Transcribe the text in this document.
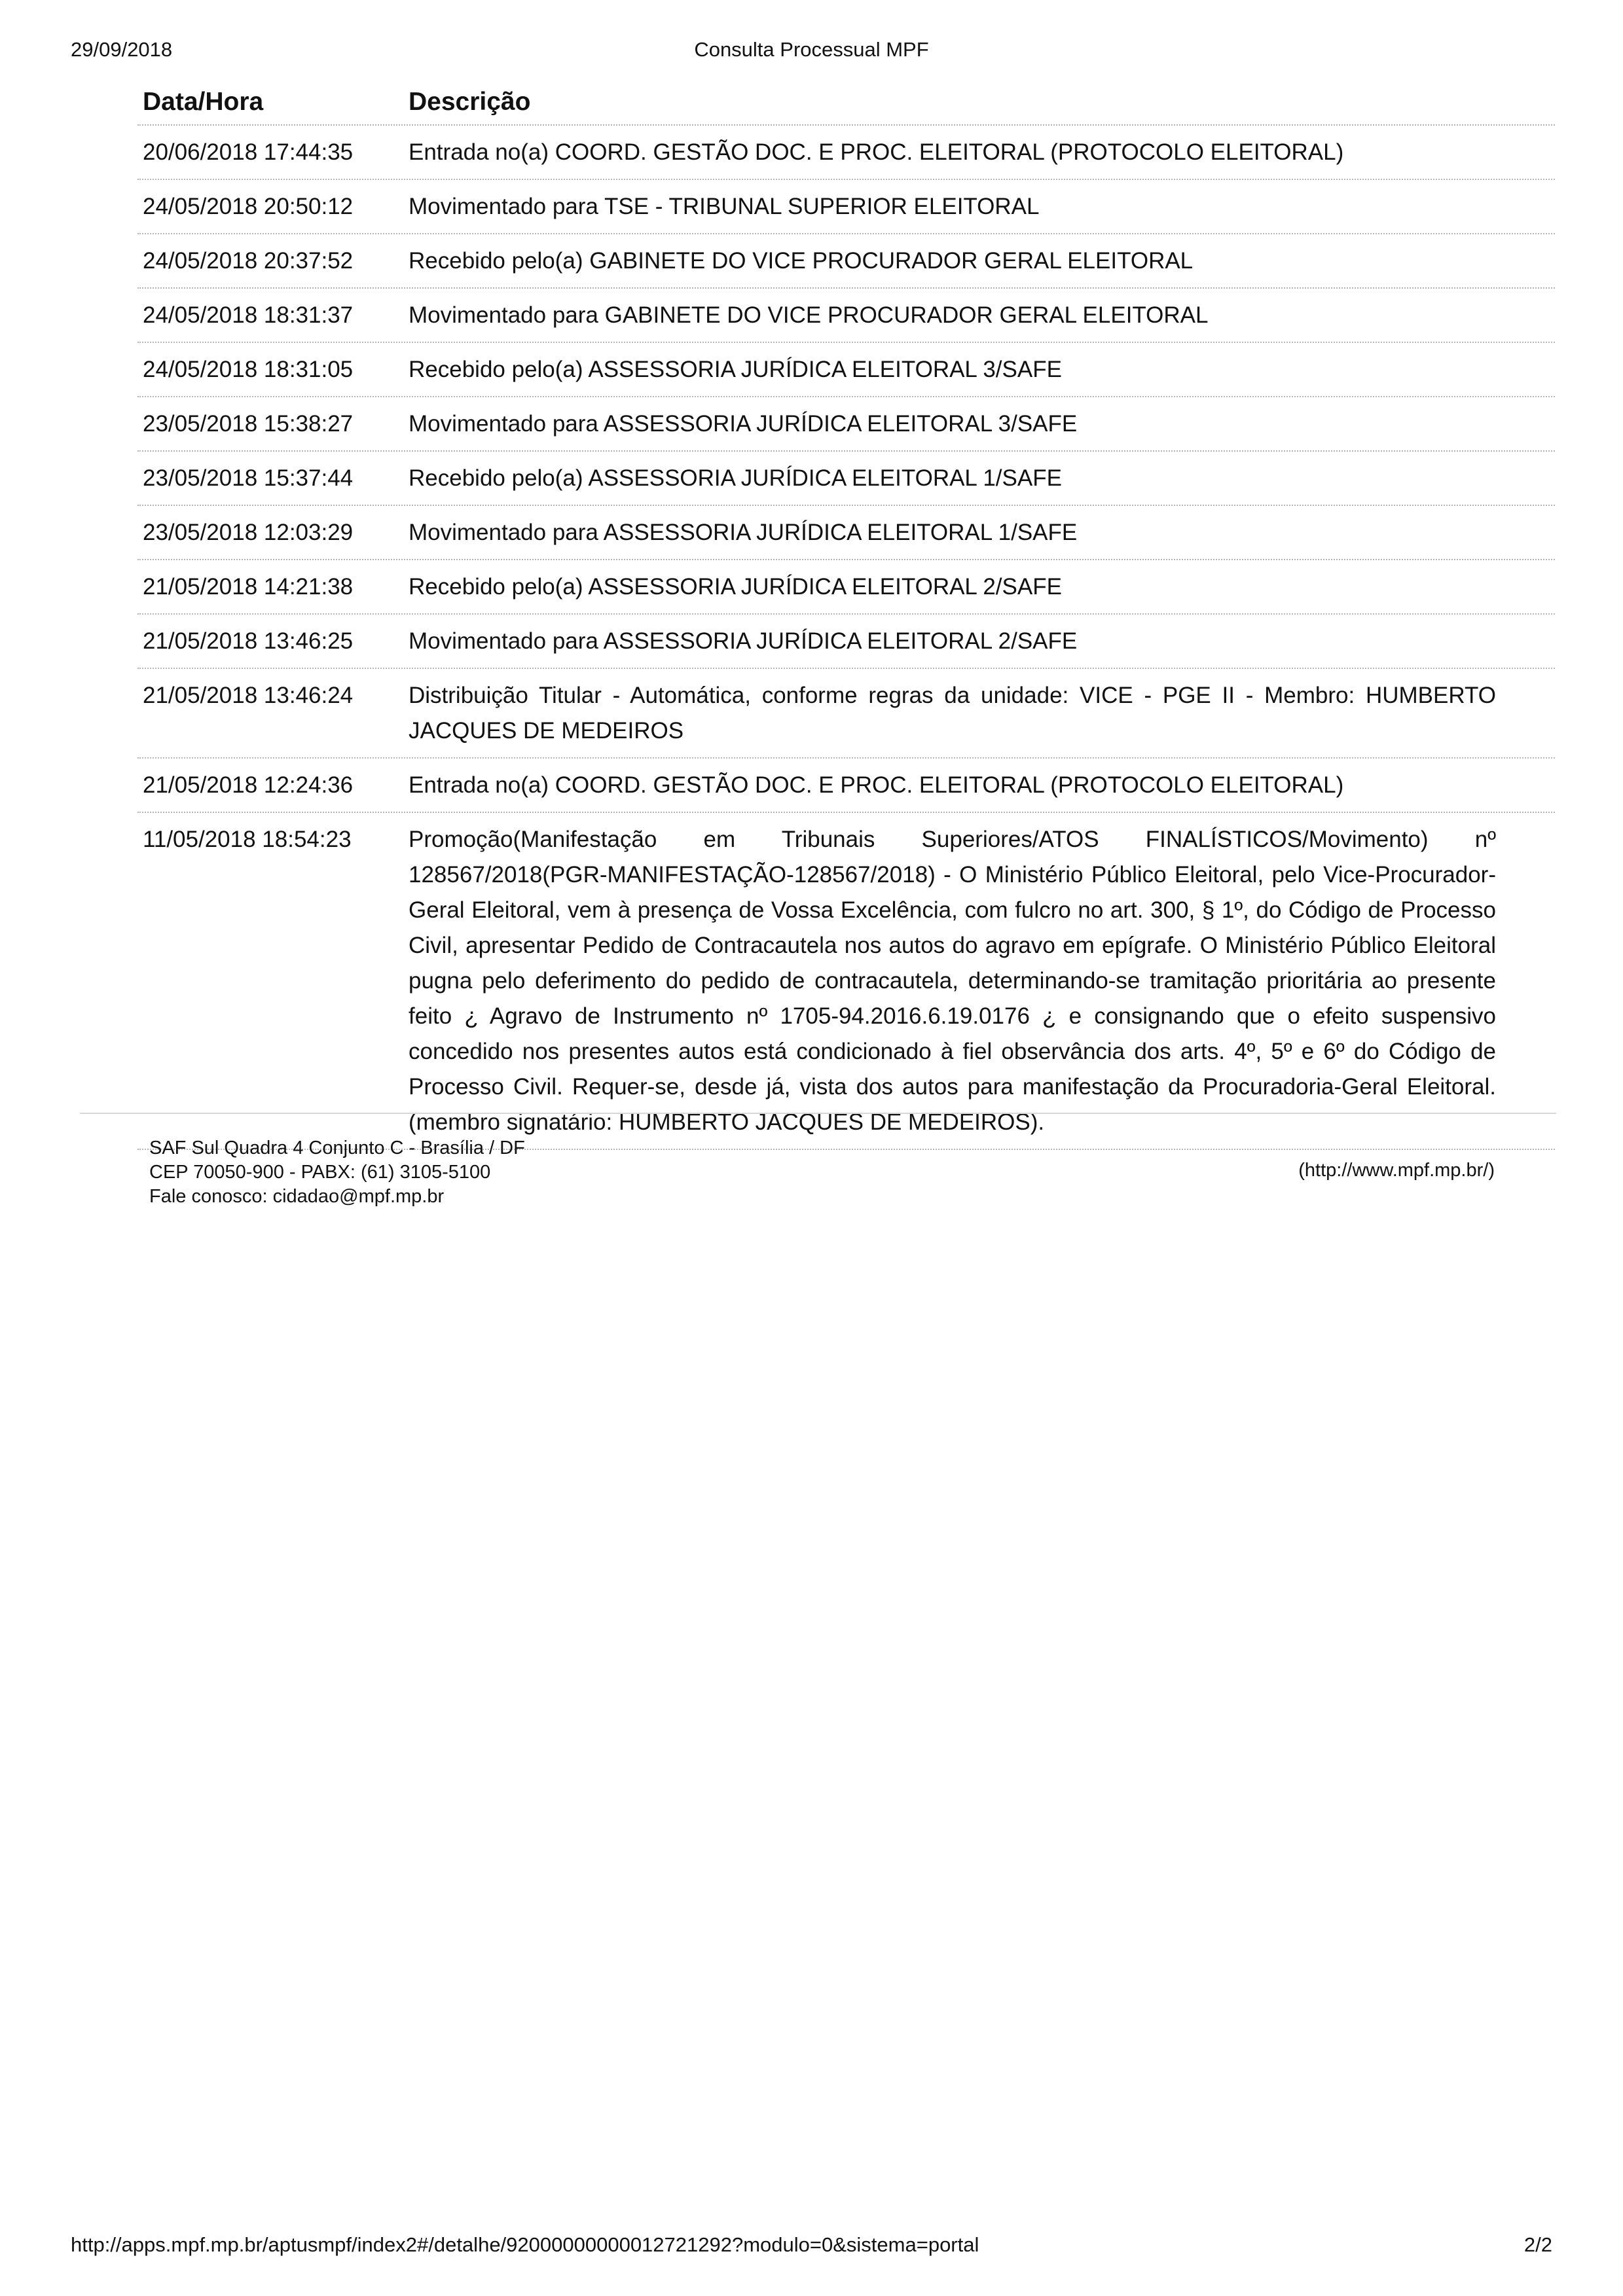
29/09/2018	Consulta Processual MPF
Data/Hora	Descrição
20/06/2018 17:44:35	Entrada no(a) COORD. GESTÃO DOC. E PROC. ELEITORAL (PROTOCOLO ELEITORAL)
24/05/2018 20:50:12	Movimentado para TSE - TRIBUNAL SUPERIOR ELEITORAL
24/05/2018 20:37:52	Recebido pelo(a) GABINETE DO VICE PROCURADOR GERAL ELEITORAL
24/05/2018 18:31:37	Movimentado para GABINETE DO VICE PROCURADOR GERAL ELEITORAL
24/05/2018 18:31:05	Recebido pelo(a) ASSESSORIA JURÍDICA ELEITORAL 3/SAFE
23/05/2018 15:38:27	Movimentado para ASSESSORIA JURÍDICA ELEITORAL 3/SAFE
23/05/2018 15:37:44	Recebido pelo(a) ASSESSORIA JURÍDICA ELEITORAL 1/SAFE
23/05/2018 12:03:29	Movimentado para ASSESSORIA JURÍDICA ELEITORAL 1/SAFE
21/05/2018 14:21:38	Recebido pelo(a) ASSESSORIA JURÍDICA ELEITORAL 2/SAFE
21/05/2018 13:46:25	Movimentado para ASSESSORIA JURÍDICA ELEITORAL 2/SAFE
21/05/2018 13:46:24	Distribuição Titular - Automática, conforme regras da unidade: VICE - PGE II - Membro: HUMBERTO JACQUES DE MEDEIROS
21/05/2018 12:24:36	Entrada no(a) COORD. GESTÃO DOC. E PROC. ELEITORAL (PROTOCOLO ELEITORAL)
11/05/2018 18:54:23	Promoção(Manifestação em Tribunais Superiores/ATOS FINALÍSTICOS/Movimento) nº 128567/2018(PGR-MANIFESTAÇÃO-128567/2018) - O Ministério Público Eleitoral, pelo Vice-Procurador-Geral Eleitoral, vem à presença de Vossa Excelência, com fulcro no art. 300, § 1º, do Código de Processo Civil, apresentar Pedido de Contracautela nos autos do agravo em epígrafe. O Ministério Público Eleitoral pugna pelo deferimento do pedido de contracautela, determinando-se tramitação prioritária ao presente feito ¿ Agravo de Instrumento nº 1705-94.2016.6.19.0176 ¿ e consignando que o efeito suspensivo concedido nos presentes autos está condicionado à fiel observância dos arts. 4º, 5º e 6º do Código de Processo Civil. Requer-se, desde já, vista dos autos para manifestação da Procuradoria-Geral Eleitoral. (membro signatário: HUMBERTO JACQUES DE MEDEIROS).
SAF Sul Quadra 4 Conjunto C - Brasília / DF
CEP 70050-900 - PABX: (61) 3105-5100
Fale conosco: cidadao@mpf.mp.br
(http://www.mpf.mp.br/)
http://apps.mpf.mp.br/aptusmpf/index2#/detalhe/92000000000012721292?modulo=0&sistema=portal	2/2
